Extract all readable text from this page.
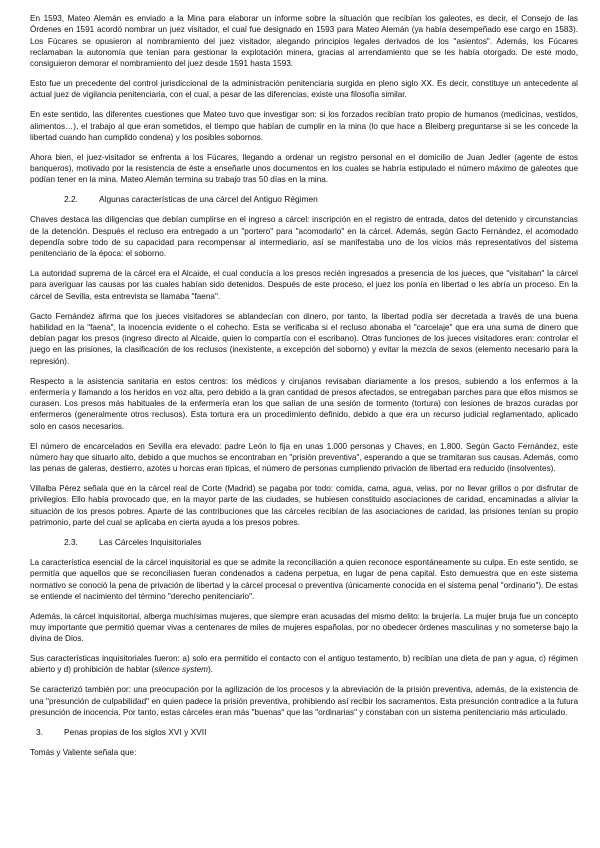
En 1593, Mateo Alemán es enviado a la Mina para elaborar un informe sobre la situación que recibían los galeotes, es decir, el Consejo de las Órdenes en 1591 acordó nombrar un juez visitador, el cual fue designado en 1593 para Mateo Alemán (ya había desempeñado ese cargo en 1583). Los Fúcares se opusieron al nombramiento del juez visitador, alegando principios legales derivados de los "asientos". Además, los Fúcares reclamaban la autonomía que tenían para gestionar la explotación minera, gracias al arrendamiento que se les había otorgado. De este modo, consiguieron demorar el nombramiento del juez desde 1591 hasta 1593.

Esto fue un precedente del control jurisdiccional de la administración penitenciaria surgida en pleno siglo XX. Es decir, constituye un antecedente al actual juez de vigilancia penitenciaria, con el cual, a pesar de las diferencias, existe una filosofía similar.

En este sentido, las diferentes cuestiones que Mateo tuvo que investigar son: si los forzados recibían trato propio de humanos (medicinas, vestidos, alimentos…), el trabajo al que eran sometidos, el tiempo que habían de cumplir en la mina (lo que hace a Bleiberg preguntarse si se les concede la libertad cuando han cumplido condena) y los posibles sobornos.

Ahora bien, el juez-visitador se enfrenta a los Fúcares, llegando a ordenar un registro personal en el domicilio de Juan Jedler (agente de estos banqueros), motivado por la resistencia de éste a enseñarle unos documentos en los cuales se habría estipulado el número máximo de galeotes que podían tener en la mina. Mateo Alemán termina su trabajo tras 50 días en la mina.

2.2.	Algunas características de una cárcel del Antiguo Régimen

Chaves destaca las diligencias que debían cumplirse en el ingreso a cárcel: inscripción en el registro de entrada, datos del detenido y circunstancias de la detención. Después el recluso era entregado a un "portero" para "acomodarlo" en la cárcel. Además, según Gacto Fernández, el acomodado dependía sobre todo de su capacidad para recompensar al intermediario, así se manifestaba uno de los vicios más representativos del sistema penitenciario de la época: el soborno.

La autoridad suprema de la cárcel era el Alcaide, el cual conducía a los presos recién ingresados a presencia de los jueces, que "visitaban" la cárcel para averiguar las causas por las cuales habían sido detenidos. Después de este proceso, el juez los ponía en libertad o les abría un proceso. En la cárcel de Sevilla, esta entrevista se llamaba "faena".

Gacto Fernández afirma que los jueces visitadores se ablandecían con dinero, por tanto, la libertad podía ser decretada a través de una buena habilidad en la "faena", la inocencia evidente o el cohecho. Esta se verificaba si el recluso abonaba el "carcelaje" que era una suma de dinero que debían pagar los presos (ingreso directo al Alcaide, quien lo compartía con el escribano). Otras funciones de los jueces visitadores eran: controlar el juego en las prisiones, la clasificación de los reclusos (inexistente, a excepción del soborno) y evitar la mezcla de sexos (elemento necesario para la represión).

Respecto a la asistencia sanitaria en estos centros: los médicos y cirujanos revisaban diariamente a los presos, subiendo a los enfermos a la enfermería y llamando a los heridos en voz alta, pero debido a la gran cantidad de presos afectados, se entregaban parches para que ellos mismos se curasen. Los presos más habituales de la enfermería eran los que salían de una sesión de tormento (tortura) con lesiones de brazos curadas por enfermeros (generalmente otros reclusos). Esta tortura era un procedimiento definido, debido a que era un recurso judicial reglamentado, aplicado solo en casos necesarios.

El número de encarcelados en Sevilla era elevado: padre León lo fija en unas 1.000 personas y Chaves, en 1.800. Según Gacto Fernández, este número hay que situarlo alto, debido a que muchos se encontraban en "prisión preventiva", esperando a que se tramitaran sus causas. Además, como las penas de galeras, destierro, azotes u horcas eran típicas, el número de personas cumpliendo privación de libertad era reducido (insolventes).

Villalba Pérez señala que en la cárcel real de Corte (Madrid) se pagaba por todo: comida, cama, agua, velas, por no llevar grillos o por disfrutar de privilegios. Ello había provocado que, en la mayor parte de las ciudades, se hubiesen constituido asociaciones de caridad, encaminadas a aliviar la situación de los presos pobres. Aparte de las contribuciones que las cárceles recibían de las asociaciones de caridad, las prisiones tenían su propio patrimonio, parte del cual se aplicaba en cierta ayuda a los presos pobres.

2.3.	Las Cárceles Inquisitoriales

La característica esencial de la cárcel inquisitorial es que se admite la reconciliación a quien reconoce espontáneamente su culpa. En este sentido, se permitía que aquellos que se reconciliasen fueran condenados a cadena perpetua, en lugar de pena capital. Esto demuestra que en este sistema normativo se conoció la pena de privación de libertad y la cárcel procesal o preventiva (únicamente conocida en el sistema penal "ordinario"). De estas se entiende el nacimiento del término "derecho penitenciario".

Además, la cárcel inquisitorial, alberga muchísimas mujeres, que siempre eran acusadas del mismo delito: la brujería. La mujer bruja fue un concepto muy importante que permitió quemar vivas a centenares de miles de mujeres españolas, por no obedecer órdenes masculinas y no someterse bajo la divina de Dios.

Sus características inquisitoriales fueron: a) solo era permitido el contacto con el antiguo testamento, b) recibían una dieta de pan y agua, c) régimen abierto y d) prohibición de hablar (silence system).

Se caracterizó también por: una preocupación por la agilización de los procesos y la abreviación de la prisión preventiva, además, de la existencia de una "presunción de culpabilidad" en quien padece la prisión preventiva, prohibiendo así recibir los sacramentos. Esta presunción contradice a la futura presunción de inocencia. Por tanto, estas cárceles eran más "buenas" que las "ordinarias" y constaban con un sistema penitenciario más articulado.

3.	Penas propias de los siglos XVI y XVII

Tomás y Valiente señala que:
